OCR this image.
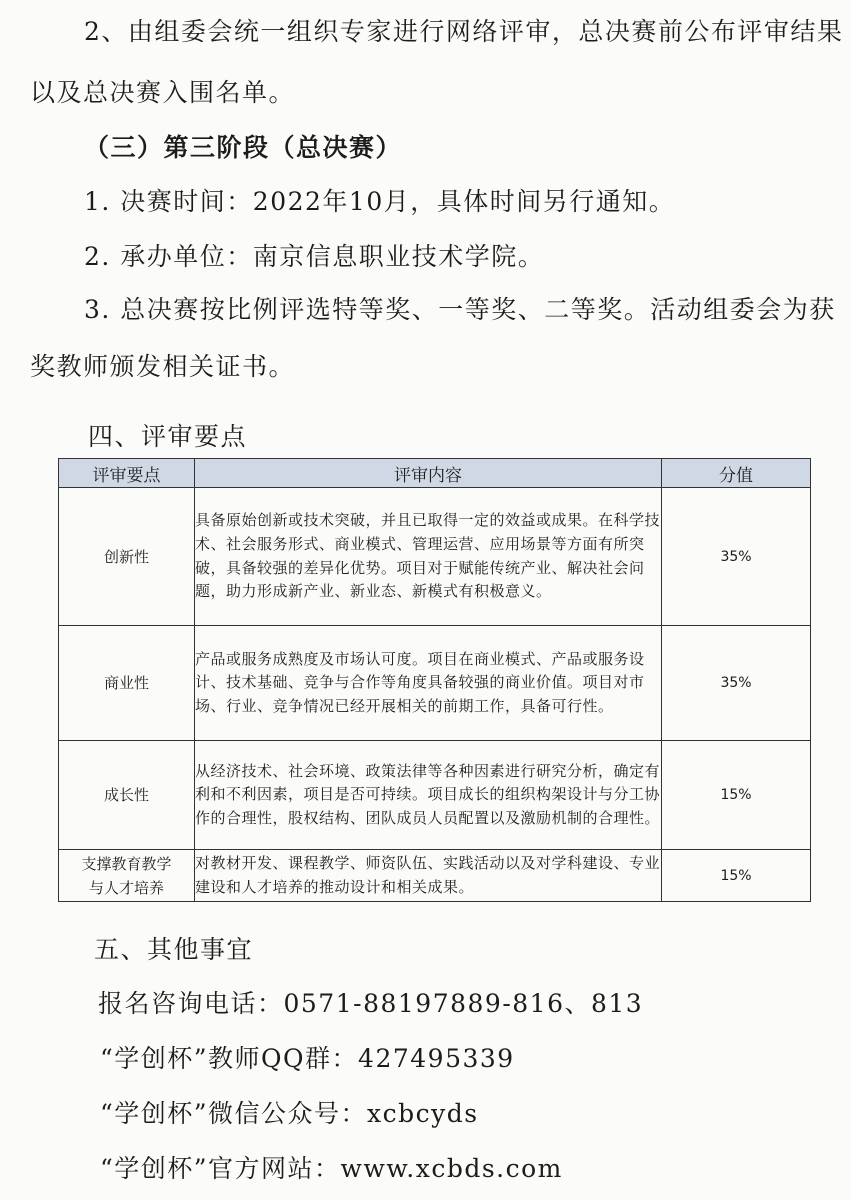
2、由组委会统一组织专家进行网络评审，总决赛前公布评审结果
以及总决赛入围名单。
（三）第三阶段（总决赛）
1. 决赛时间：2022年10月，具体时间另行通知。
2. 承办单位：南京信息职业技术学院。
3. 总决赛按比例评选特等奖、一等奖、二等奖。活动组委会为获
奖教师颁发相关证书。
四、评审要点
评审要点	评审内容	分值
创新性	具备原始创新或技术突破，并且已取得一定的效益或成果。在科学技术、社会服务形式、商业模式、管理运营、应用场景等方面有所突破，具备较强的差异化优势。项目对于赋能传统产业、解决社会问题，助力形成新产业、新业态、新模式有积极意义。	35%
商业性	产品或服务成熟度及市场认可度。项目在商业模式、产品或服务设计、技术基础、竞争与合作等角度具备较强的商业价值。项目对市场、行业、竞争情况已经开展相关的前期工作，具备可行性。	35%
成长性	从经济技术、社会环境、政策法律等各种因素进行研究分析，确定有利和不利因素，项目是否可持续。项目成长的组织构架设计与分工协作的合理性，股权结构、团队成员人员配置以及激励机制的合理性。	15%

支撑教育教学
与人才培养	对教材开发、课程教学、师资队伍、实践活动以及对学科建设、专业建设和人才培养的推动设计和相关成果。	15%
五、其他事宜
报名咨询电话：0571-88197889-816、813
“学创杯”教师QQ群：427495339
“学创杯”微信公众号：xcbcyds
“学创杯”官方网站：www.xcbds.com
